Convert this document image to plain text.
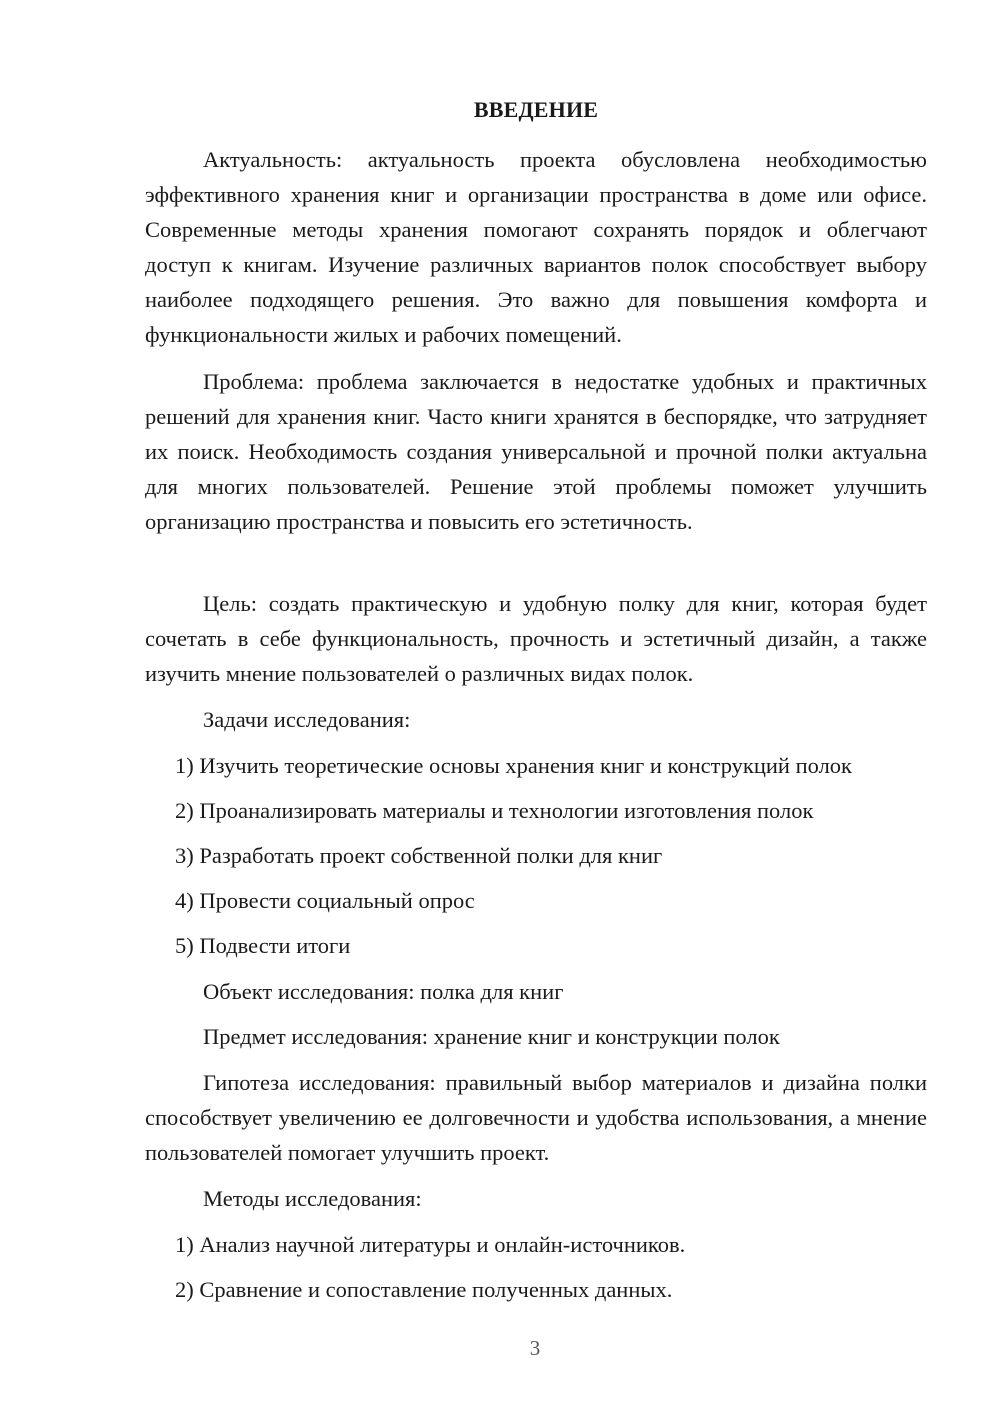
ВВЕДЕНИЕ

Актуальность: актуальность проекта обусловлена необходимостью эффективного хранения книг и организации пространства в доме или офисе. Современные методы хранения помогают сохранять порядок и облегчают доступ к книгам. Изучение различных вариантов полок способствует выбору наиболее подходящего решения. Это важно для повышения комфорта и функциональности жилых и рабочих помещений.

Проблема: проблема заключается в недостатке удобных и практичных решений для хранения книг. Часто книги хранятся в беспорядке, что затрудняет их поиск. Необходимость создания универсальной и прочной полки актуальна для многих пользователей. Решение этой проблемы поможет улучшить организацию пространства и повысить его эстетичность.

Цель: создать практическую и удобную полку для книг, которая будет сочетать в себе функциональность, прочность и эстетичный дизайн, а также изучить мнение пользователей о различных видах полок.

Задачи исследования:
1) Изучить теоретические основы хранения книг и конструкций полок
2) Проанализировать материалы и технологии изготовления полок
3) Разработать проект собственной полки для книг
4) Провести социальный опрос
5) Подвести итоги
Объект исследования: полка для книг
Предмет исследования: хранение книг и конструкции полок

Гипотеза исследования: правильный выбор материалов и дизайна полки способствует увеличению ее долговечности и удобства использования, а мнение пользователей помогает улучшить проект.

Методы исследования:
1) Анализ научной литературы и онлайн-источников.
2) Сравнение и сопоставление полученных данных.
3
